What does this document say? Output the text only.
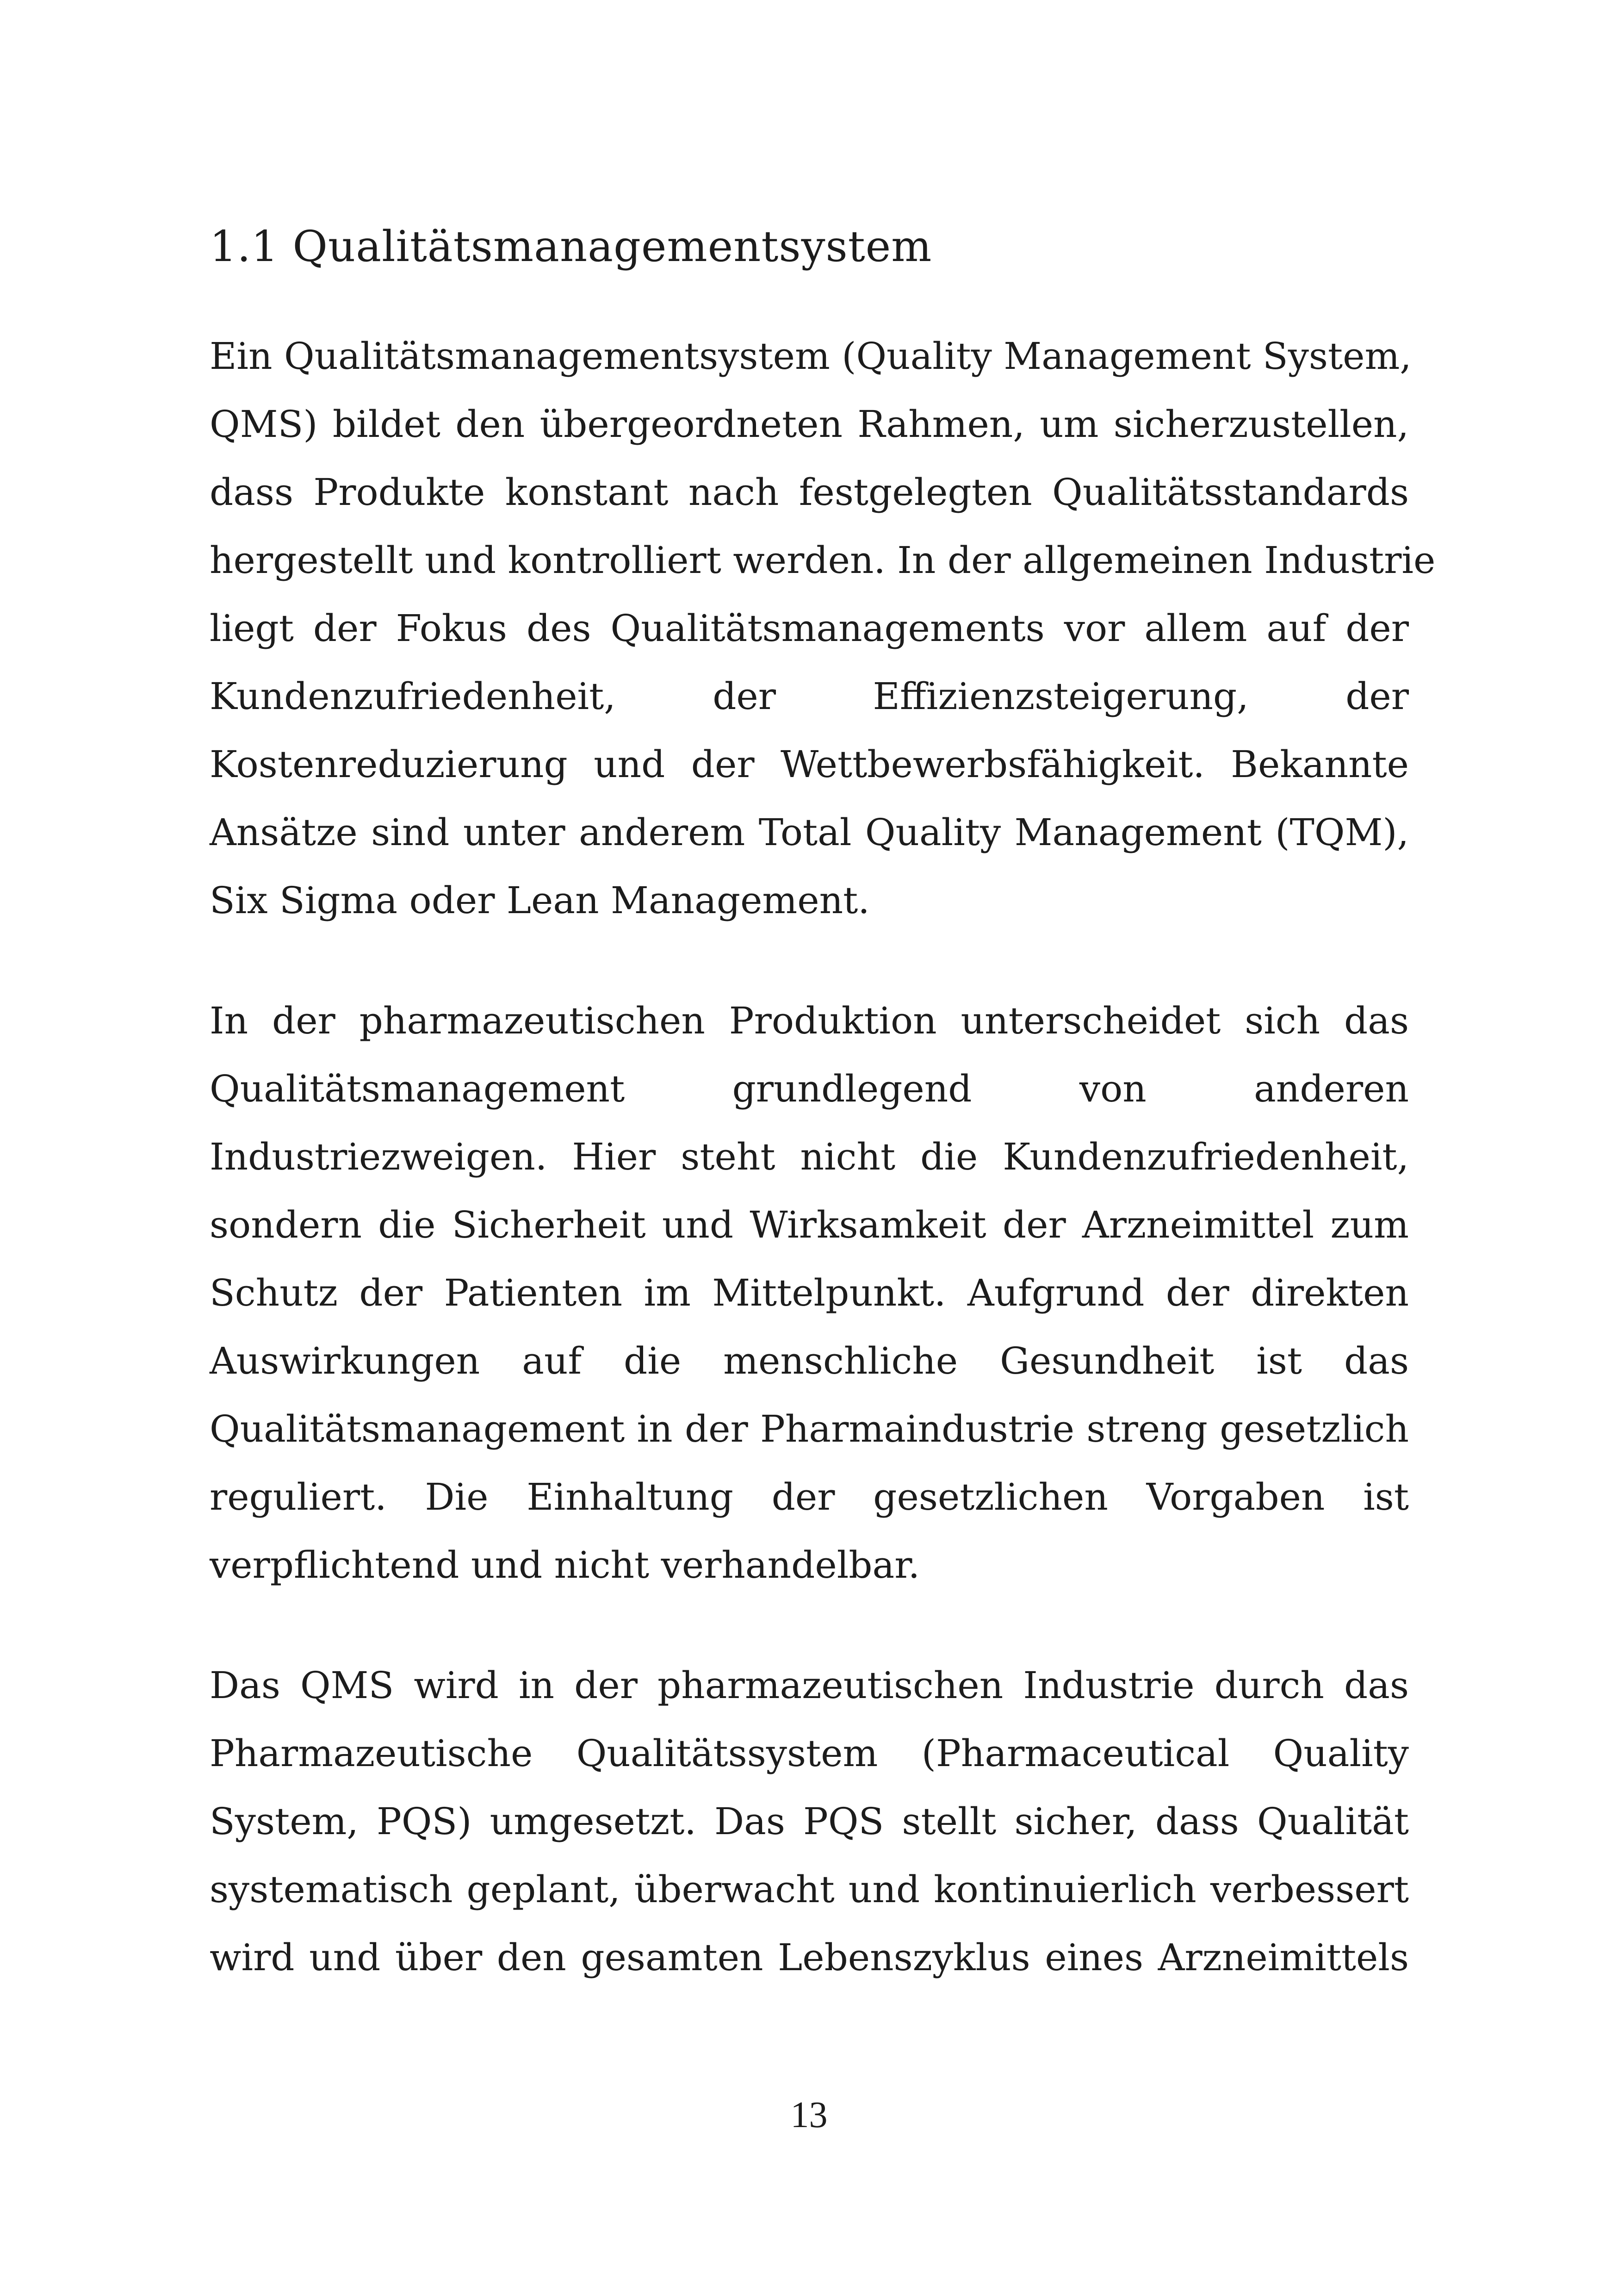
1.1 Qualitätsmanagementsystem
Ein Qualitätsmanagementsystem (Quality Management System,
QMS) bildet den übergeordneten Rahmen, um sicherzustellen,
dass Produkte konstant nach festgelegten Qualitätsstandards
hergestellt und kontrolliert werden. In der allgemeinen Industrie
liegt der Fokus des Qualitätsmanagements vor allem auf der
Kundenzufriedenheit, der Effizienzsteigerung, der
Kostenreduzierung und der Wettbewerbsfähigkeit. Bekannte
Ansätze sind unter anderem Total Quality Management (TQM),
Six Sigma oder Lean Management.
In der pharmazeutischen Produktion unterscheidet sich das
Qualitätsmanagement grundlegend von anderen
Industriezweigen. Hier steht nicht die Kundenzufriedenheit,
sondern die Sicherheit und Wirksamkeit der Arzneimittel zum
Schutz der Patienten im Mittelpunkt. Aufgrund der direkten
Auswirkungen auf die menschliche Gesundheit ist das
Qualitätsmanagement in der Pharmaindustrie streng gesetzlich
reguliert. Die Einhaltung der gesetzlichen Vorgaben ist
verpflichtend und nicht verhandelbar.
Das QMS wird in der pharmazeutischen Industrie durch das
Pharmazeutische Qualitätssystem (Pharmaceutical Quality
System, PQS) umgesetzt. Das PQS stellt sicher, dass Qualität
systematisch geplant, überwacht und kontinuierlich verbessert
wird und über den gesamten Lebenszyklus eines Arzneimittels
13
